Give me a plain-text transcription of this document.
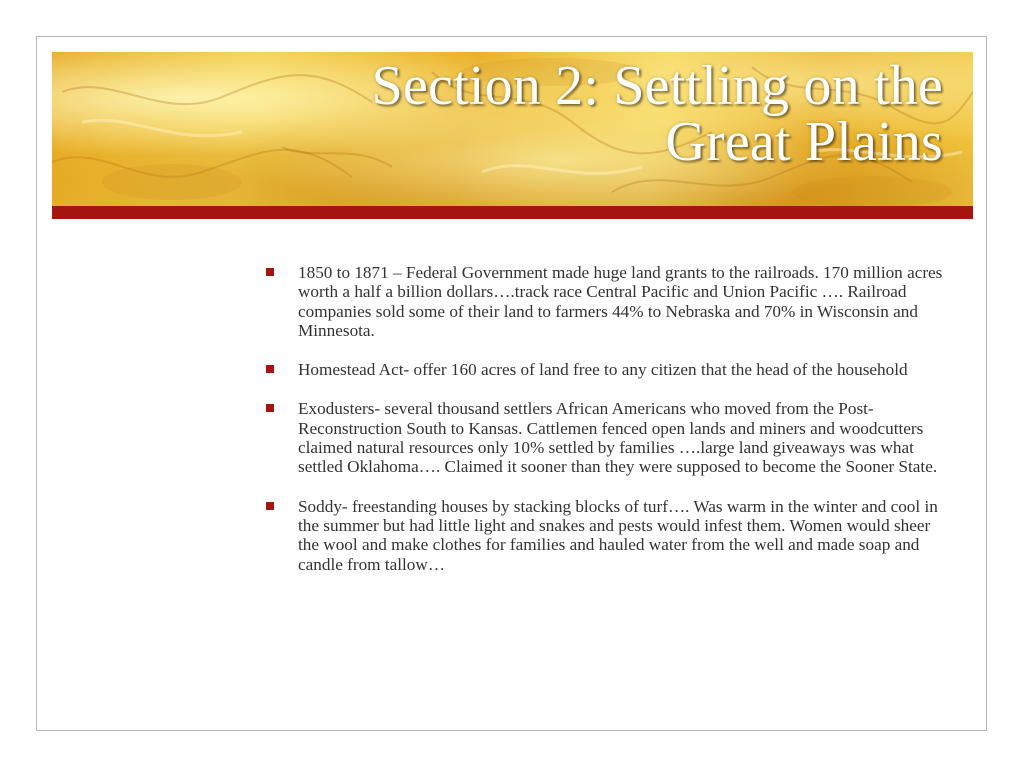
Section 2: Settling on the
Great Plains
1850 to 1871 – Federal Government made huge land grants to the railroads. 170 million acres worth a half a billion dollars….track race Central Pacific and Union Pacific …. Railroad companies sold some of their land to farmers 44% to Nebraska and 70% in Wisconsin and Minnesota.
Homestead Act- offer 160 acres of land free to any citizen that the head of the household
Exodusters- several thousand settlers African Americans who moved from the Post-Reconstruction South to Kansas. Cattlemen fenced open lands and miners and woodcutters claimed natural resources only 10% settled by families ….large land giveaways was what settled Oklahoma…. Claimed it sooner than they were supposed to become the Sooner State.
Soddy- freestanding houses by stacking blocks of turf…. Was warm in the winter and cool in the summer but had little light and snakes and pests would infest them. Women would sheer the wool and make clothes for families and hauled water from the well and made soap and candle from tallow…
